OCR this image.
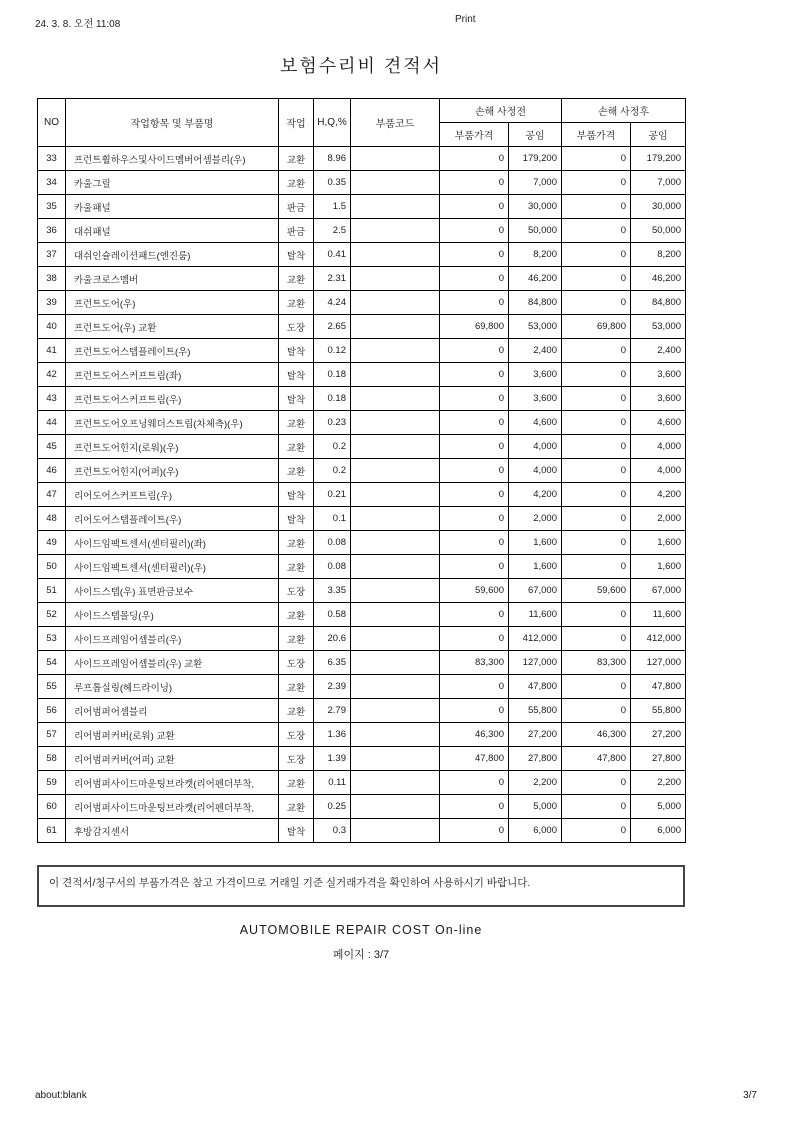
24. 3. 8. 오전 11:08	Print
보험수리비 견적서
NO	작업항목 및 부품명	작업	H,Q,%	부품코드	손해 사정전		손해 사정후	
					부품가격	공임	부품가격	공임
33	프런트휠하우스및사이드멤버어셈블리(우)	교환	8.96		0	179,200	0	179,200
34	카울그릴	교환	0.35		0	7,000	0	7,000
35	카울패널	판금	1.5		0	30,000	0	30,000
36	대쉬패널	판금	2.5		0	50,000	0	50,000
37	대쉬인슐레이션패드(엔진룸)	탈착	0.41		0	8,200	0	8,200
38	카울크로스멤버	교환	2.31		0	46,200	0	46,200
39	프런트도어(우)	교환	4.24		0	84,800	0	84,800
40	프런트도어(우) 교환	도장	2.65		69,800	53,000	69,800	53,000
41	프런트도어스텝플레이트(우)	탈착	0.12		0	2,400	0	2,400
42	프런트도어스커프트림(좌)	탈착	0.18		0	3,600	0	3,600
43	프런트도어스커프트림(우)	탈착	0.18		0	3,600	0	3,600
44	프런트도어오프닝웨더스트립(차체측)(우)	교환	0.23		0	4,600	0	4,600
45	프런트도어힌지(로워)(우)	교환	0.2		0	4,000	0	4,000
46	프런트도어힌지(어퍼)(우)	교환	0.2		0	4,000	0	4,000
47	리어도어스커프트림(우)	탈착	0.21		0	4,200	0	4,200
48	리어도어스텝플레이트(우)	탈착	0.1		0	2,000	0	2,000
49	사이드임팩트센서(센터필러)(좌)	교환	0.08		0	1,600	0	1,600
50	사이드임팩트센서(센터필러)(우)	교환	0.08		0	1,600	0	1,600
51	사이드스텝(우) 표면판금보수	도장	3.35		59,600	67,000	59,600	67,000
52	사이드스텝몰딩(우)	교환	0.58		0	11,600	0	11,600
53	사이드프레임어셈블리(우)	교환	20.6		0	412,000	0	412,000
54	사이드프레임어셈블리(우) 교환	도장	6.35		83,300	127,000	83,300	127,000
55	루프톱실링(헤드라이닝)	교환	2.39		0	47,800	0	47,800
56	리어범퍼어셈블리	교환	2.79		0	55,800	0	55,800
57	리어범퍼커버(로워) 교환	도장	1.36		46,300	27,200	46,300	27,200
58	리어범퍼커버(어퍼) 교환	도장	1.39		47,800	27,800	47,800	27,800
59	리어범퍼사이드마운팅브라켓(리어펜더부착,	교환	0.11		0	2,200	0	2,200
60	리어범퍼사이드마운팅브라켓(리어펜더부착,	교환	0.25		0	5,000	0	5,000
61	후방감지센서	탈착	0.3		0	6,000	0	6,000
이 견적서/청구서의 부품가격은 참고 가격이므로 거래일 기준 실거래가격을 확인하여 사용하시기 바랍니다.
AUTOMOBILE REPAIR COST On-line
페이지 : 3/7
about:blank	3/7
